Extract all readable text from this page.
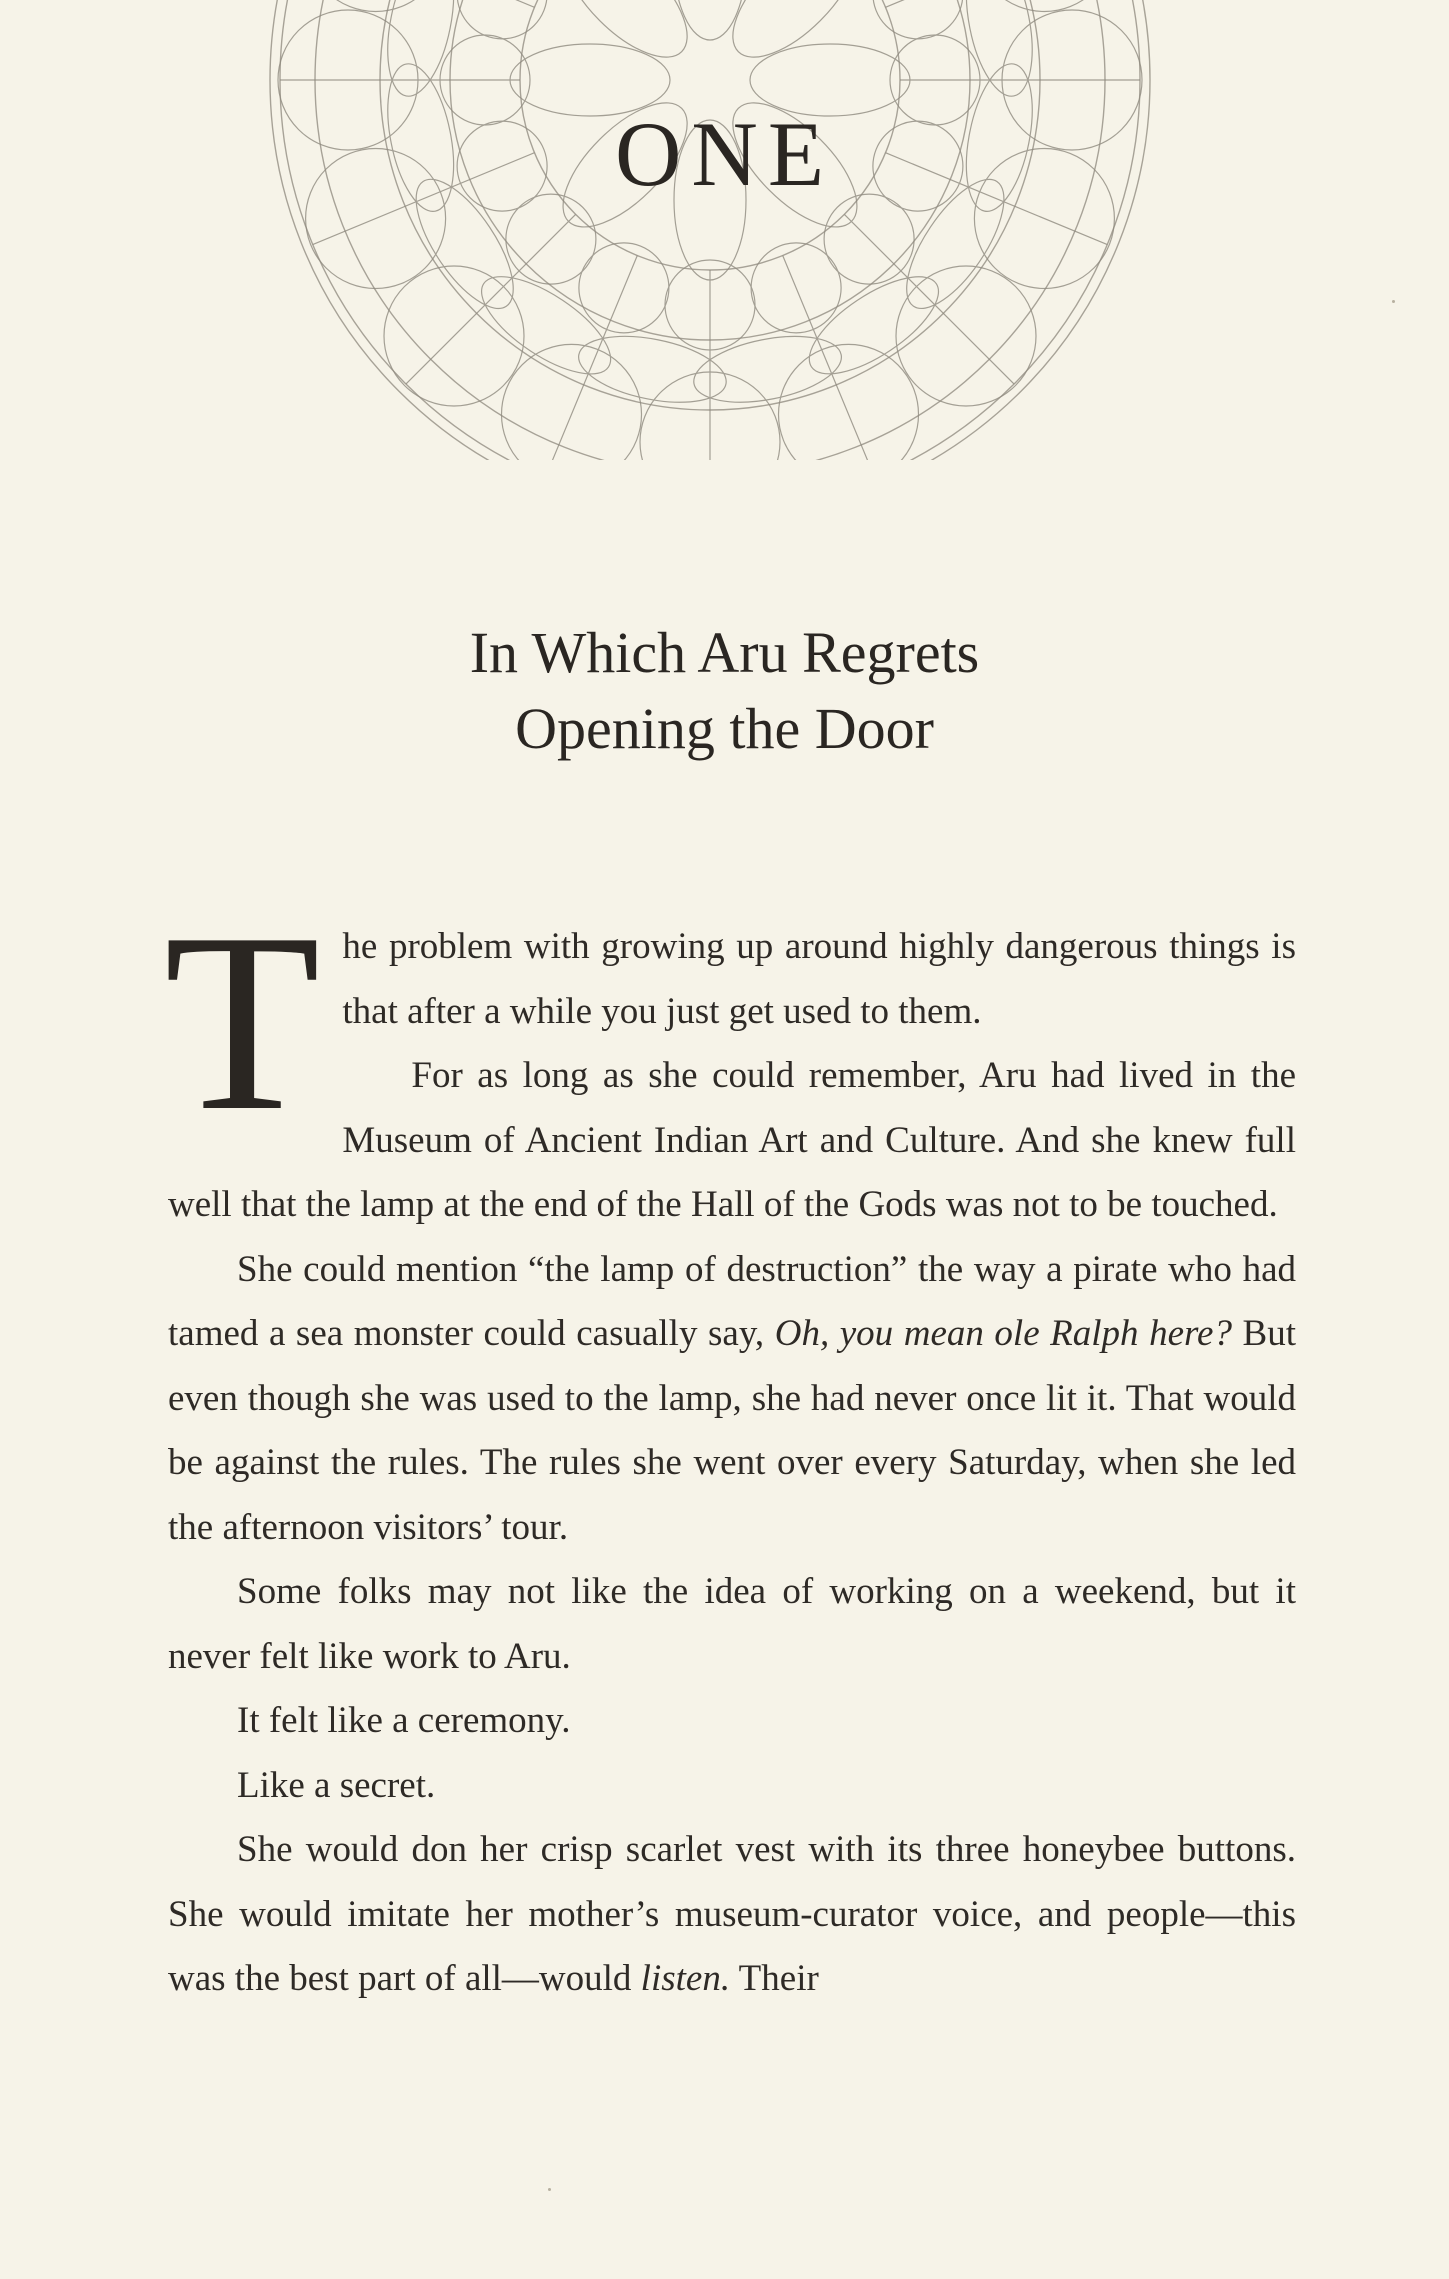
ONE
In Which Aru Regrets
Opening the Door

The problem with growing up around highly dangerous things is that after a while you just get used to them.
For as long as she could remember, Aru had lived in the Museum of Ancient Indian Art and Culture. And she knew full well that the lamp at the end of the Hall of the Gods was not to be touched.

She could mention “the lamp of destruction” the way a pirate who had tamed a sea monster could casually say, Oh, you mean ole Ralph here? But even though she was used to the lamp, she had never once lit it. That would be against the rules. The rules she went over every Saturday, when she led the afternoon visitors’ tour.

Some folks may not like the idea of working on a weekend, but it never felt like work to Aru.

It felt like a ceremony.

Like a secret.

She would don her crisp scarlet vest with its three honeybee buttons. She would imitate her mother’s museum-curator voice, and people—this was the best part of all—would listen. Their
